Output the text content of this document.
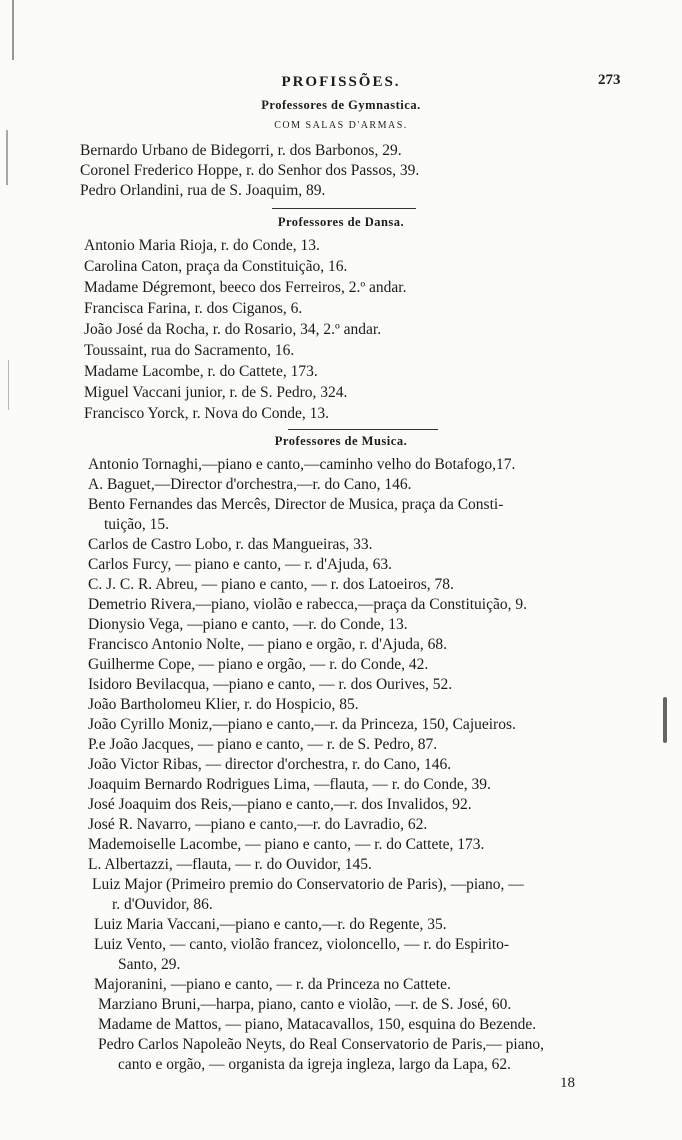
PROFISSÕES.	273
Professores de Gymnastica.
COM SALAS D'ARMAS.
Bernardo Urbano de Bidegorri, r. dos Barbonos, 29.
Coronel Frederico Hoppe, r. do Senhor dos Passos, 39.
Pedro Orlandini, rua de S. Joaquim, 89.
Professores de Dansa.
Antonio Maria Rioja, r. do Conde, 13.
Carolina Caton, praça da Constituição, 16.
Madame Dégremont, beeco dos Ferreiros, 2.º andar.
Francisca Farina, r. dos Ciganos, 6.
João José da Rocha, r. do Rosario, 34, 2.º andar.
Toussaint, rua do Sacramento, 16.
Madame Lacombe, r. do Cattete, 173.
Miguel Vaccani junior, r. de S. Pedro, 324.
Francisco Yorck, r. Nova do Conde, 13.
Professores de Musica.
Antonio Tornaghi,—piano e canto,—caminho velho do Botafogo,17.
A. Baguet,—Director d'orchestra,—r. do Cano, 146.
Bento Fernandes das Mercês, Director de Musica, praça da Consti-
tuição, 15.
Carlos de Castro Lobo, r. das Mangueiras, 33.
Carlos Furcy, — piano e canto, — r. d'Ajuda, 63.
C. J. C. R. Abreu, — piano e canto, — r. dos Latoeiros, 78.
Demetrio Rivera,—piano, violão e rabecca,—praça da Constituição, 9.
Dionysio Vega, —piano e canto, —r. do Conde, 13.
Francisco Antonio Nolte, — piano e orgão, r. d'Ajuda, 68.
Guilherme Cope, — piano e orgão, — r. do Conde, 42.
Isidoro Bevilacqua, —piano e canto, — r. dos Ourives, 52.
João Bartholomeu Klier, r. do Hospicio, 85.
João Cyrillo Moniz,—piano e canto,—r. da Princeza, 150, Cajueiros.
P.e João Jacques, — piano e canto, — r. de S. Pedro, 87.
João Victor Ribas, — director d'orchestra, r. do Cano, 146.
Joaquim Bernardo Rodrigues Lima, —flauta, — r. do Conde, 39.
José Joaquim dos Reis,—piano e canto,—r. dos Invalidos, 92.
José R. Navarro, —piano e canto,—r. do Lavradio, 62.
Mademoiselle Lacombe, — piano e canto, — r. do Cattete, 173.
L. Albertazzi, —flauta, — r. do Ouvidor, 145.
Luiz Major (Primeiro premio do Conservatorio de Paris), —piano, —
r. d'Ouvidor, 86.
Luiz Maria Vaccani,—piano e canto,—r. do Regente, 35.
Luiz Vento, — canto, violão francez, violoncello, — r. do Espirito-
Santo, 29.
Majoranini, —piano e canto, — r. da Princeza no Cattete.
Marziano Bruni,—harpa, piano, canto e violão, —r. de S. José, 60.
Madame de Mattos, — piano, Matacavallos, 150, esquina do Bezende.
Pedro Carlos Napoleão Neyts, do Real Conservatorio de Paris,— piano,
canto e orgão, — organista da igreja ingleza, largo da Lapa, 62.
18
